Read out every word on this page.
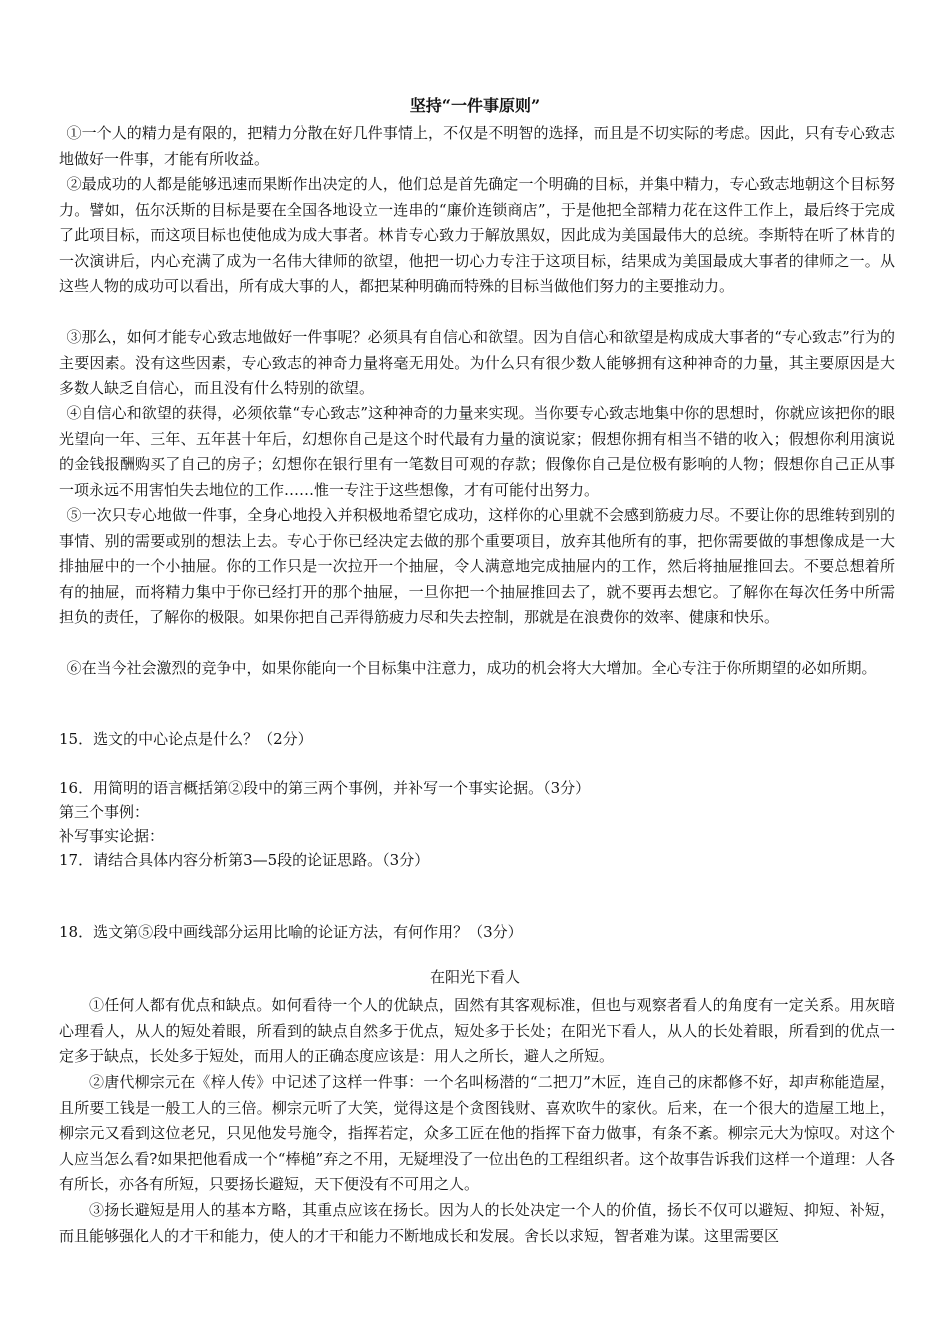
坚持“一件事原则”

①一个人的精力是有限的，把精力分散在好几件事情上，不仅是不明智的选择，而且是不切实际的考虑。因此，只有专心致志地做好一件事，才能有所收益。

②最成功的人都是能够迅速而果断作出决定的人，他们总是首先确定一个明确的目标，并集中精力，专心致志地朝这个目标努力。譬如，伍尔沃斯的目标是要在全国各地设立一连串的“廉价连锁商店”，于是他把全部精力花在这件工作上，最后终于完成了此项目标，而这项目标也使他成为成大事者。林肯专心致力于解放黑奴，因此成为美国最伟大的总统。李斯特在听了林肯的一次演讲后，内心充满了成为一名伟大律师的欲望，他把一切心力专注于这项目标，结果成为美国最成大事者的律师之一。从这些人物的成功可以看出，所有成大事的人，都把某种明确而特殊的目标当做他们努力的主要推动力。

③那么，如何才能专心致志地做好一件事呢？必须具有自信心和欲望。因为自信心和欲望是构成成大事者的“专心致志”行为的主要因素。没有这些因素，专心致志的神奇力量将毫无用处。为什么只有很少数人能够拥有这种神奇的力量，其主要原因是大多数人缺乏自信心，而且没有什么特别的欲望。

④自信心和欲望的获得，必须依靠“专心致志”这种神奇的力量来实现。当你要专心致志地集中你的思想时，你就应该把你的眼光望向一年、三年、五年甚十年后，幻想你自己是这个时代最有力量的演说家；假想你拥有相当不错的收入；假想你利用演说的金钱报酬购买了自己的房子；幻想你在银行里有一笔数目可观的存款；假像你自己是位极有影响的人物；假想你自己正从事一项永远不用害怕失去地位的工作……惟一专注于这些想像，才有可能付出努力。

⑤一次只专心地做一件事，全身心地投入并积极地希望它成功，这样你的心里就不会感到筋疲力尽。不要让你的思维转到别的事情、别的需要或别的想法上去。专心于你已经决定去做的那个重要项目，放弃其他所有的事，把你需要做的事想像成是一大排抽屉中的一个小抽屉。你的工作只是一次拉开一个抽屉，令人满意地完成抽屉内的工作，然后将抽屉推回去。不要总想着所有的抽屉，而将精力集中于你已经打开的那个抽屉，一旦你把一个抽屉推回去了，就不要再去想它。了解你在每次任务中所需担负的责任，了解你的极限。如果你把自己弄得筋疲力尽和失去控制，那就是在浪费你的效率、健康和快乐。

⑥在当今社会激烈的竞争中，如果你能向一个目标集中注意力，成功的机会将大大增加。全心专注于你所期望的必如所期。

15．选文的中心论点是什么？（2分）

16．用简明的语言概括第②段中的第三两个事例，并补写一个事实论据。（3分）

第三个事例：

补写事实论据：

17．请结合具体内容分析第3—5段的论证思路。（3分）

18．选文第⑤段中画线部分运用比喻的论证方法，有何作用？（3分）

在阳光下看人

①任何人都有优点和缺点。如何看待一个人的优缺点，固然有其客观标准，但也与观察者看人的角度有一定关系。用灰暗心理看人，从人的短处着眼，所看到的缺点自然多于优点，短处多于长处；在阳光下看人，从人的长处着眼，所看到的优点一定多于缺点，长处多于短处，而用人的正确态度应该是：用人之所长，避人之所短。

②唐代柳宗元在《梓人传》中记述了这样一件事：一个名叫杨潜的“二把刀”木匠，连自己的床都修不好，却声称能造屋，且所要工钱是一般工人的三倍。柳宗元听了大笑，觉得这是个贪图钱财、喜欢吹牛的家伙。后来，在一个很大的造屋工地上，柳宗元又看到这位老兄，只见他发号施令，指挥若定，众多工匠在他的指挥下奋力做事，有条不紊。柳宗元大为惊叹。对这个人应当怎么看?如果把他看成一个“棒槌”弃之不用，无疑埋没了一位出色的工程组织者。这个故事告诉我们这样一个道理：人各有所长，亦各有所短，只要扬长避短，天下便没有不可用之人。

③扬长避短是用人的基本方略，其重点应该在扬长。因为人的长处决定一个人的价值，扬长不仅可以避短、抑短、补短，而且能够强化人的才干和能力，使人的才干和能力不断地成长和发展。舍长以求短，智者难为谋。这里需要区
